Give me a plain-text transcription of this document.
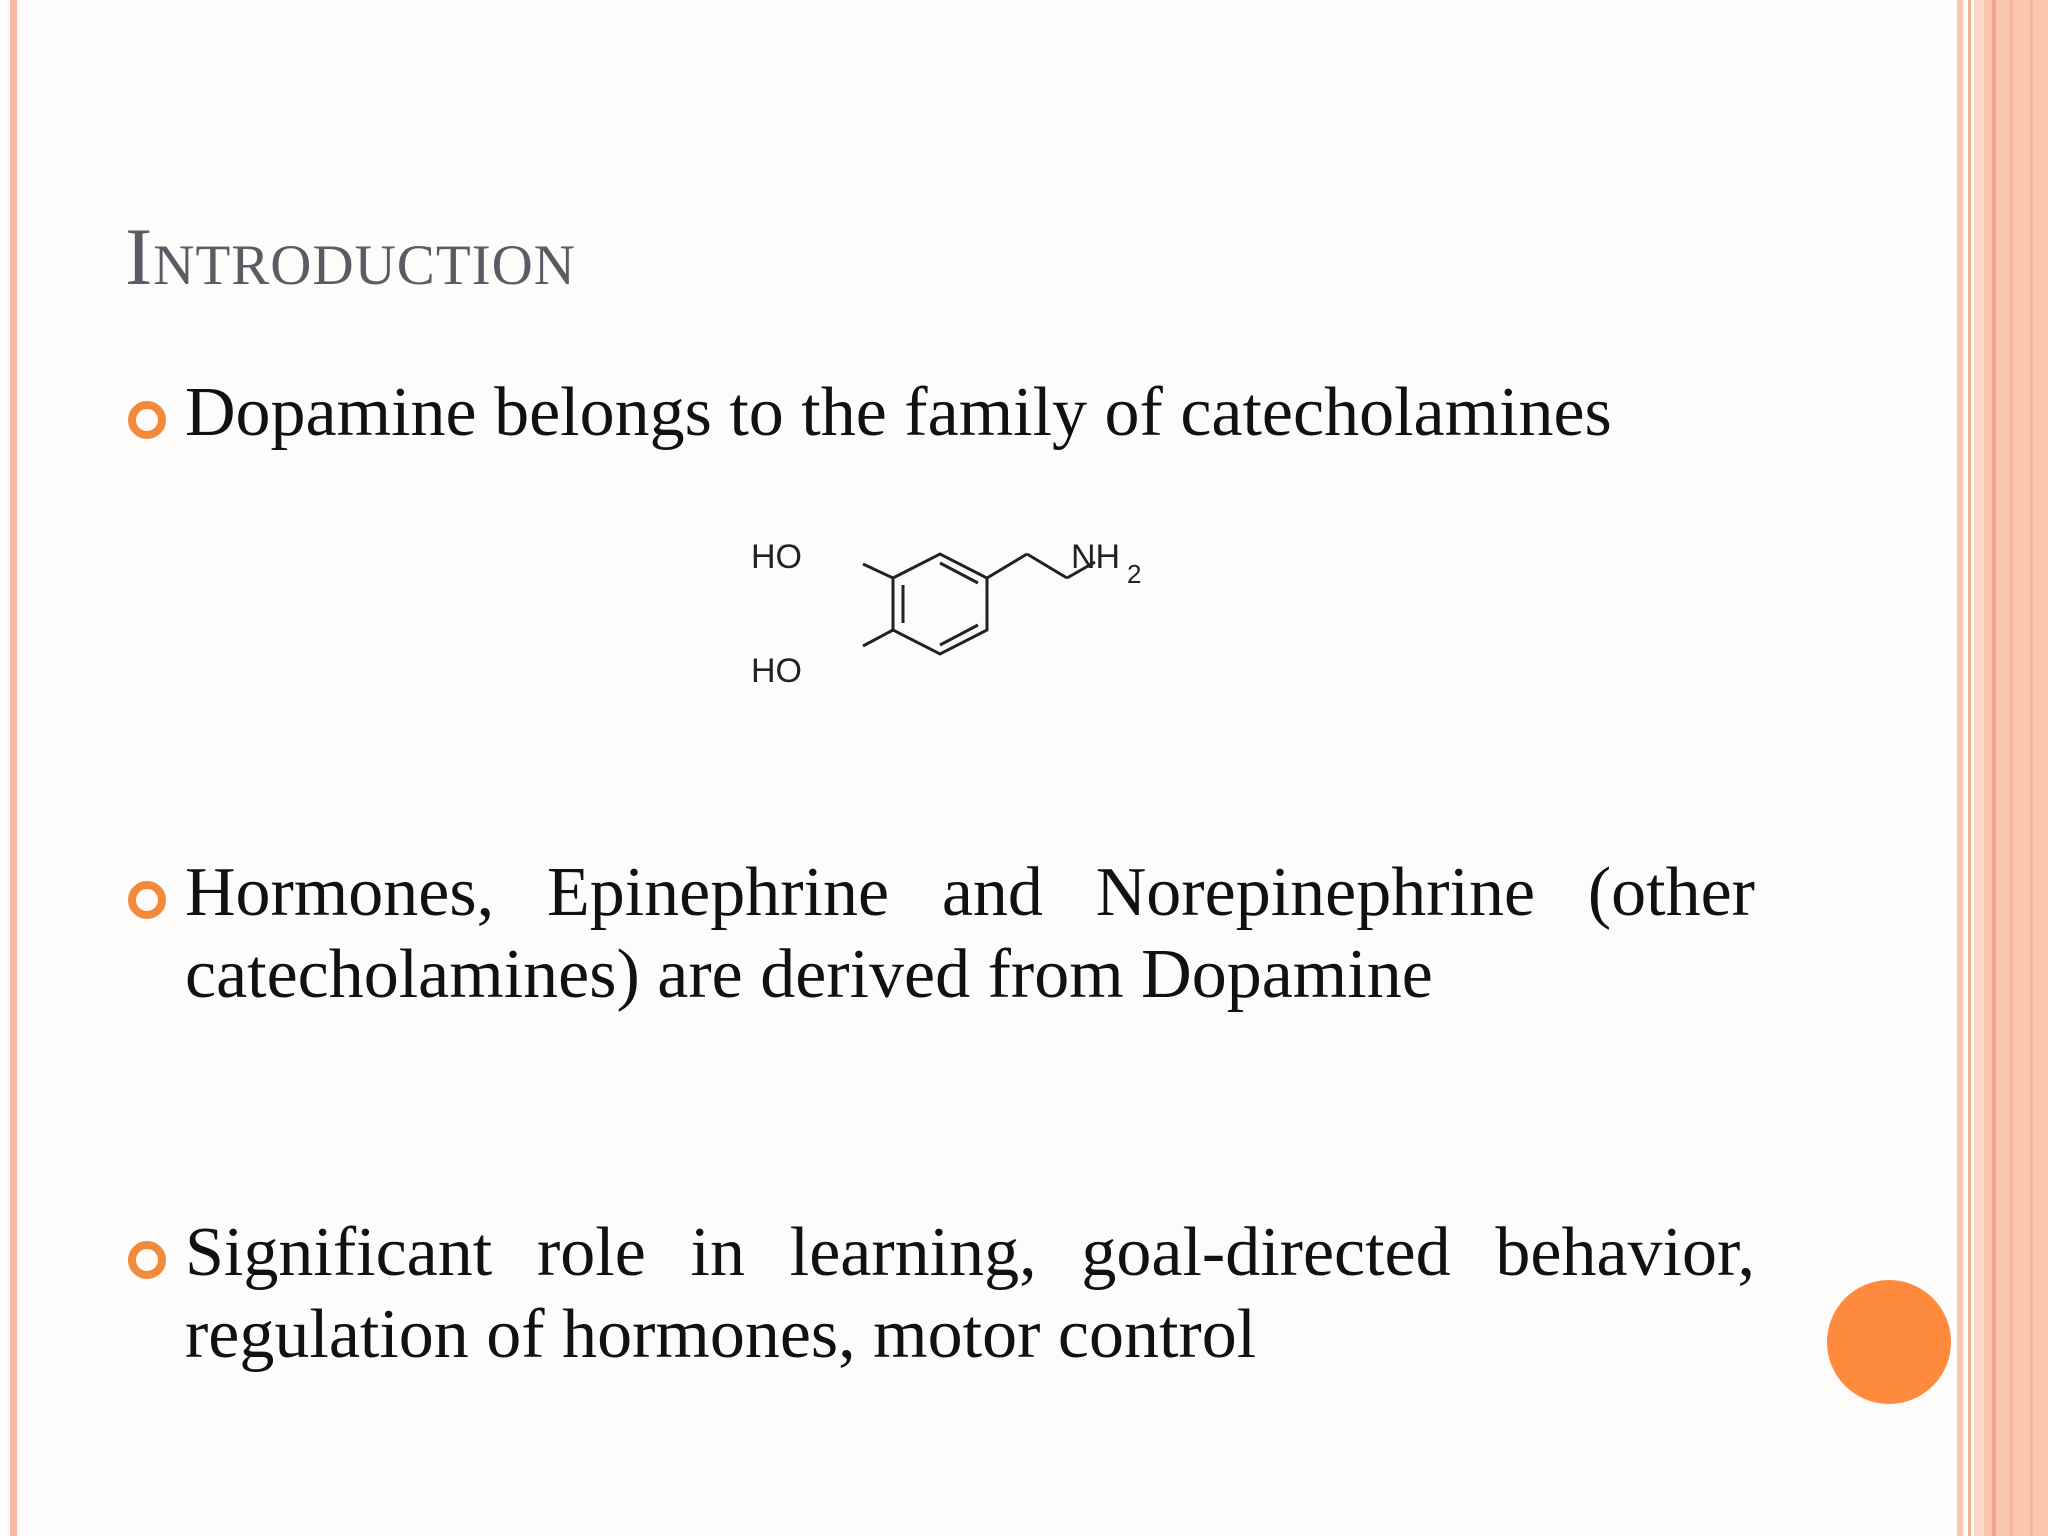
Introduction
Dopamine belongs to the family of catecholamines
HO
HO
NH 2
Hormones, Epinephrine and Norepinephrine (other catecholamines) are derived from Dopamine
Significant role in learning, goal-directed behavior, regulation of hormones, motor control
